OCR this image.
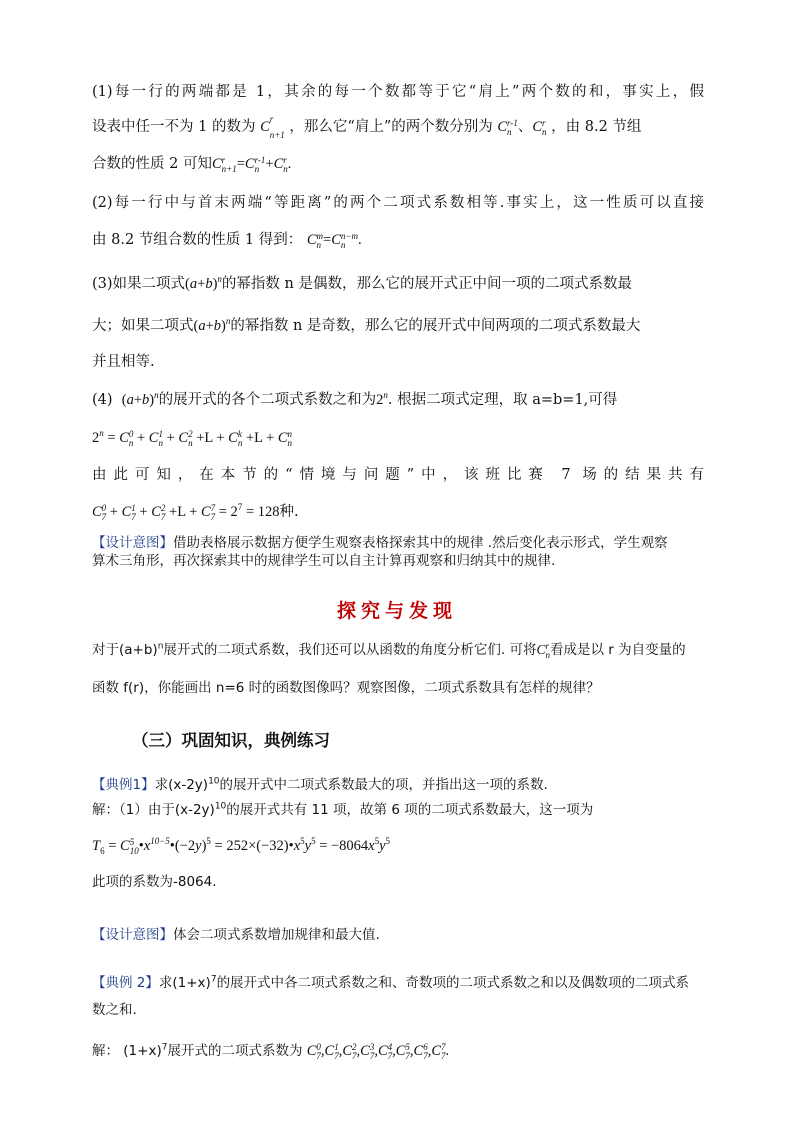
(1)每一行的两端都是 1，其余的每一个数都等于它“肩上”两个数的和，事实上，假
设表中任一不为 1 的数为 C
$^r$
$_{n+1}$ ，那么它“肩上”的两个数分别为 C r-1
n 、C r
n ，由 8.2 节组
合数的性质 2 可知C r
n+1 =C r-1
n +C r
n .
(2)每一行中与首末两端“等距离”的两个二项式系数相等.事实上，这一性质可以直接
由 8.2 节组合数的性质 1 得到： C m
n =C n−m
n .
(3)如果二项式$(a+b)^n$的幂指数 n 是偶数，那么它的展开式正中间一项的二项式系数最
大；如果二项式$(a+b)^n$的幂指数 n 是奇数，那么它的展开式中间两项的二项式系数最大
并且相等.
(4) $(a+b)^n$的展开式的各个二项式系数之和为2$^n$. 根据二项式定理，取 a=b=1,可得
$2^n = C$ 0
n + C 1
n + C 2
n +L + C k
n +L + C n
n
由此可知，在本节的“情境与问题”中，该班比赛 7 场的结果共有
C 0
7 + C 1
7 + C 2
7 +L + C 7
$7 = 2^7 = 128$种.
【设计意图】借助表格展示数据方便学生观察表格探索其中的规律 .然后变化表示形式，学生观察
算术三角形，再次探索其中的规律学生可以自主计算再观察和归纳其中的规律.
探究与发现
对于$(a+b)^n$展开式的二项式系数，我们还可以从函数的角度分析它们. 可将C r
n 看成是以 r 为自变量的
函数 f(r)，你能画出 n=6 时的函数图像吗？观察图像，二项式系数具有怎样的规律？
（三）巩固知识，典例练习
【典例1】求$(x-2y)^{10}$的展开式中二项式系数最大的项，并指出这一项的系数.
解：（1）由于$(x-2y)^{10}$的展开式共有 11 项，故第 6 项的二项式系数最大，这一项为
$T_6 = C$ 5
10 $•x^{10-5}•(-2y)^5$ = $252\times(-32)•x^5y^5 = -8064x^5y^5$
此项的系数为-8064.
【设计意图】体会二项式系数增加规律和最大值.
【典例 2】求$(1+x)^7$的展开式中各二项式系数之和、奇数项的二项式系数之和以及偶数项的二项式系
数之和.
解： $(1+x)^7$展开式的二项式系数为 C 0
7 ,C 1
7 ,C 2
7 ,C 3
7 ,C 4
7 ,C 5
7 ,C 6
7 ,C 7
7 .
